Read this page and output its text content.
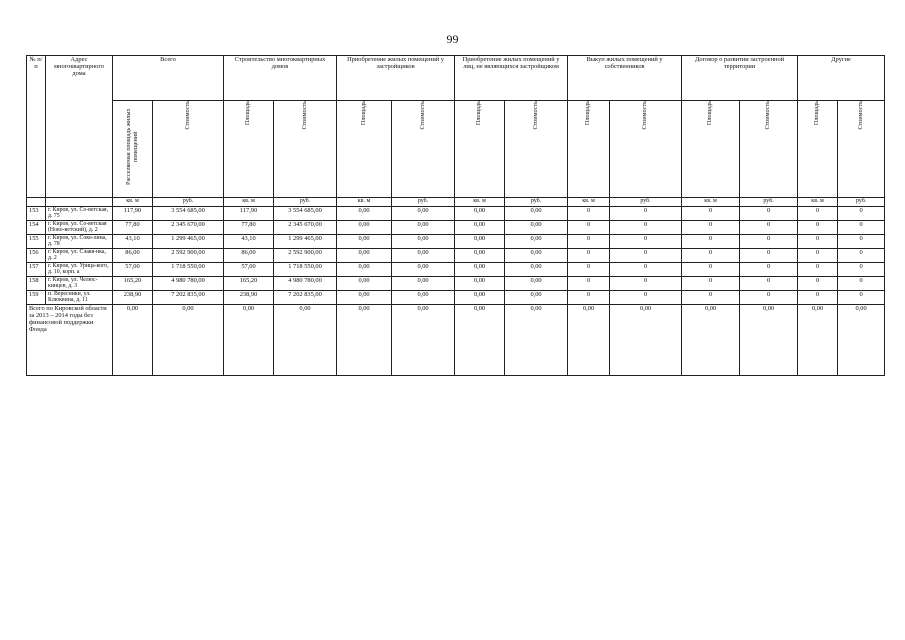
99
№ п/п	Адрес многоквартирного дома	Всего		Строительство многоквартирных домов		Приобретение жилых помещений у застройщиков		Приобретение жилых помещений у лиц, не являющихся застройщиком		Выкуп жилых помещений у собственников		Договор о развитии застроенной территории		Другие	
		Расселяемая площадь жилых помещений	Стоимость	Площадь	Стоимость	Площадь	Стоимость	Площадь	Стоимость	Площадь	Стоимость	Площадь	Стоимость	Площадь	Стоимость
		кв. м	руб.	кв. м	руб.	кв. м	руб.	кв. м	руб.	кв. м	руб.	кв. м	руб.	кв. м	руб.
153	г. Киров, ул. Со-ветская, д. 75	117,90	3 554 685,00	117,90	3 554 685,00	0,00	0,00	0,00	0,00	0	0	0	0	0	0
154	г. Киров, ул. Со-ветская (Ново-ветский), д. 2	77,80	2 345 670,00	77,80	2 345 670,00	0,00	0,00	0,00	0,00	0	0	0	0	0	0
155	г. Киров, ул. Соко-лина, д. 78	43,10	1 299 465,00	43,10	1 299 465,00	0,00	0,00	0,00	0,00	0	0	0	0	0	0
156	г. Киров, ул. Славя-нка, д. 2	86,00	2 592 900,00	86,00	2 592 900,00	0,00	0,00	0,00	0,00	0	0	0	0	0	0
157	г. Киров, ул. Урица-кого, д. 10, корп. а	57,00	1 718 550,00	57,00	1 718 550,00	0,00	0,00	0,00	0,00	0	0	0	0	0	0
158	г. Киров, ул. Челюс-кинцев, д. 3	165,20	4 980 780,00	165,20	4 980 780,00	0,00	0,00	0,00	0,00	0	0	0	0	0	0
159	п. Вересники, ул. Клюквина, д. 11	238,90	7 202 835,00	238,90	7 202 835,00	0,00	0,00	0,00	0,00	0	0	0	0	0	0
Всего по Кировской области за 2013 – 2014 годы без финансовой поддержки Фонда		0,00	0,00	0,00	0,00	0,00	0,00	0,00	0,00	0,00	0,00	0,00	0,00	0,00	0,00
